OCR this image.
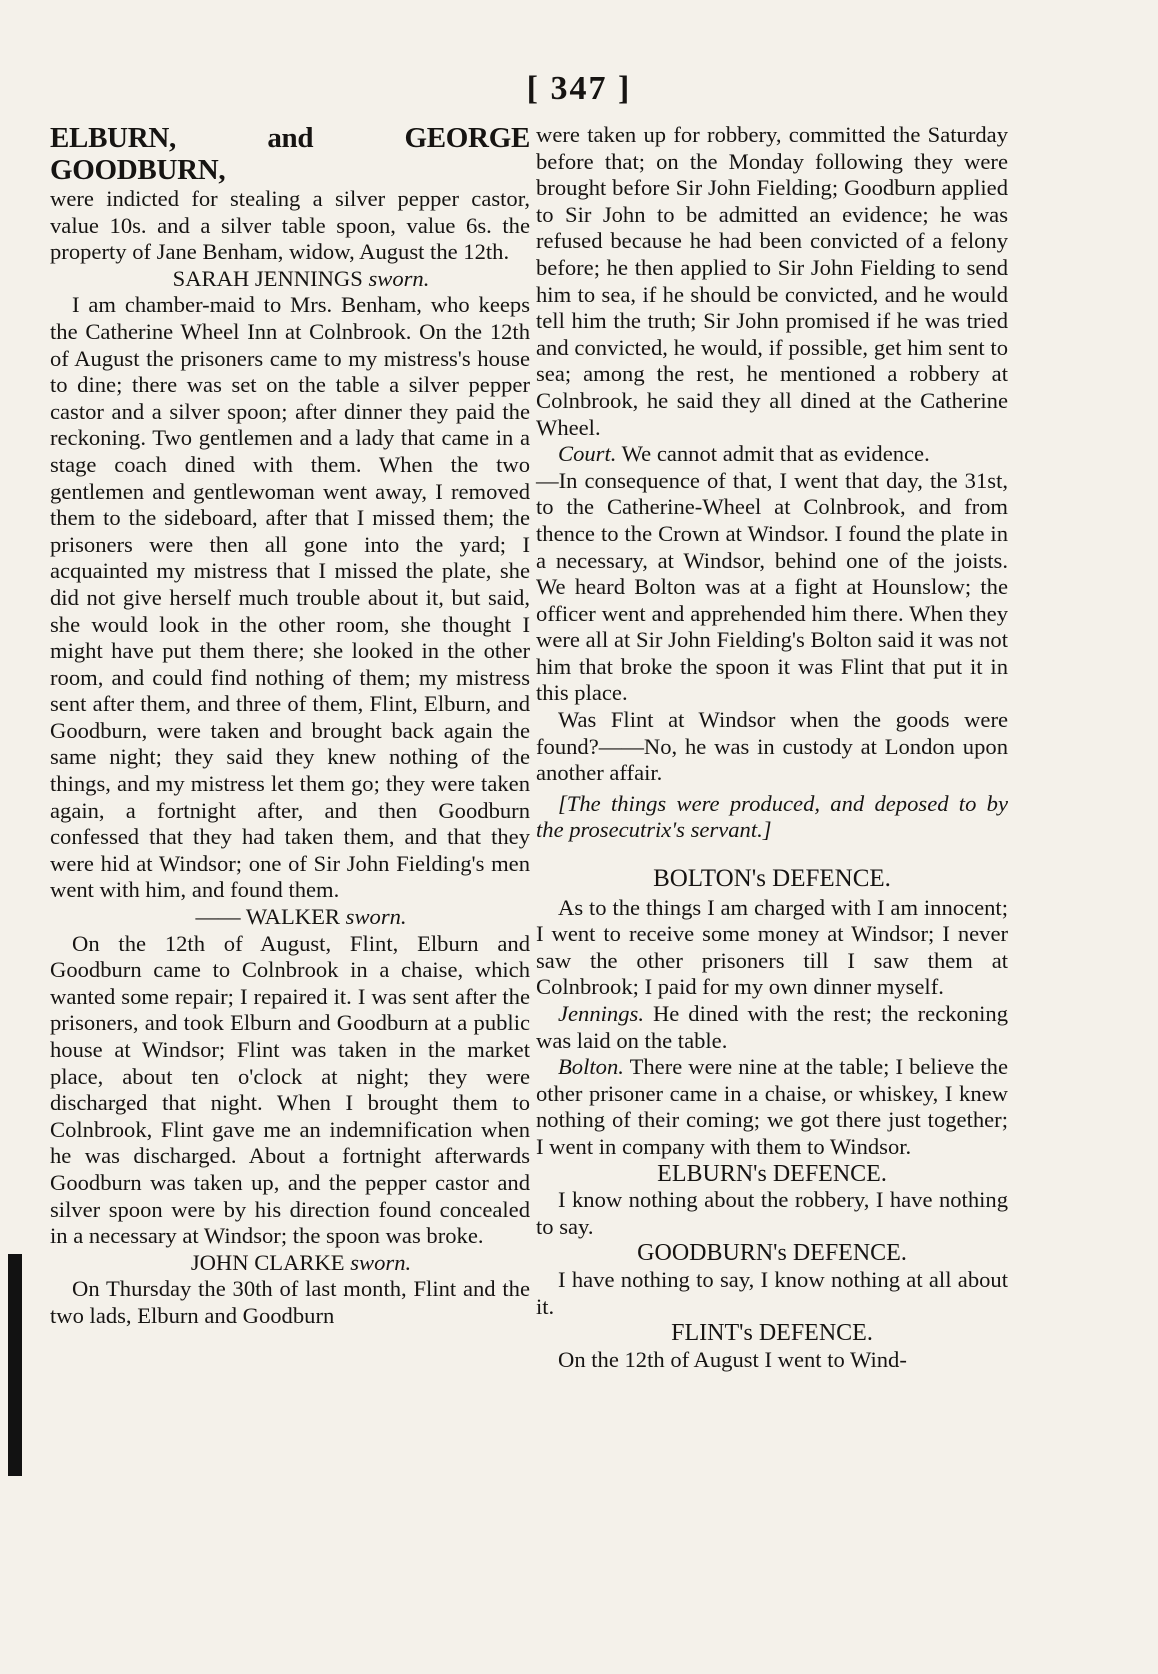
[ 347 ]

ELBURN, and GEORGE GOODBURN,

were indicted for stealing a silver pepper castor, value 10s. and a silver table spoon, value 6s. the property of Jane Benham, widow, August the 12th.

SARAH JENNINGS sworn.

I am chamber-maid to Mrs. Benham, who keeps the Catherine Wheel Inn at Colnbrook. On the 12th of August the prisoners came to my mistress's house to dine; there was set on the table a silver pepper castor and a silver spoon; after dinner they paid the reckoning. Two gentlemen and a lady that came in a stage coach dined with them. When the two gentlemen and gentlewoman went away, I removed them to the sideboard, after that I missed them; the prisoners were then all gone into the yard; I acquainted my mistress that I missed the plate, she did not give herself much trouble about it, but said, she would look in the other room, she thought I might have put them there; she looked in the other room, and could find nothing of them; my mistress sent after them, and three of them, Flint, Elburn, and Goodburn, were taken and brought back again the same night; they said they knew nothing of the things, and my mistress let them go; they were taken again, a fortnight after, and then Goodburn confessed that they had taken them, and that they were hid at Windsor; one of Sir John Fielding's men went with him, and found them.

—— WALKER sworn.

On the 12th of August, Flint, Elburn and Goodburn came to Colnbrook in a chaise, which wanted some repair; I repaired it. I was sent after the prisoners, and took Elburn and Goodburn at a public house at Windsor; Flint was taken in the market place, about ten o'clock at night; they were discharged that night. When I brought them to Colnbrook, Flint gave me an indemnification when he was discharged. About a fortnight afterwards Goodburn was taken up, and the pepper castor and silver spoon were by his direction found concealed in a necessary at Windsor; the spoon was broke.

JOHN CLARKE sworn.

On Thursday the 30th of last month, Flint and the two lads, Elburn and Goodburn

were taken up for robbery, committed the Saturday before that; on the Monday following they were brought before Sir John Fielding; Goodburn applied to Sir John to be admitted an evidence; he was refused because he had been convicted of a felony before; he then applied to Sir John Fielding to send him to sea, if he should be convicted, and he would tell him the truth; Sir John promised if he was tried and convicted, he would, if possible, get him sent to sea; among the rest, he mentioned a robbery at Colnbrook, he said they all dined at the Catherine Wheel.

Court. We cannot admit that as evidence.

—In consequence of that, I went that day, the 31st, to the Catherine-Wheel at Colnbrook, and from thence to the Crown at Windsor. I found the plate in a necessary, at Windsor, behind one of the joists. We heard Bolton was at a fight at Hounslow; the officer went and apprehended him there. When they were all at Sir John Fielding's Bolton said it was not him that broke the spoon it was Flint that put it in this place.

Was Flint at Windsor when the goods were found?——No, he was in custody at London upon another affair.

[The things were produced, and deposed to by the prosecutrix's servant.]

BOLTON's DEFENCE.

As to the things I am charged with I am innocent; I went to receive some money at Windsor; I never saw the other prisoners till I saw them at Colnbrook; I paid for my own dinner myself.

Jennings. He dined with the rest; the reckoning was laid on the table.

Bolton. There were nine at the table; I believe the other prisoner came in a chaise, or whiskey, I knew nothing of their coming; we got there just together; I went in company with them to Windsor.

ELBURN's DEFENCE.

I know nothing about the robbery, I have nothing to say.

GOODBURN's DEFENCE.

I have nothing to say, I know nothing at all about it.

FLINT's DEFENCE.

On the 12th of August I went to Wind-
